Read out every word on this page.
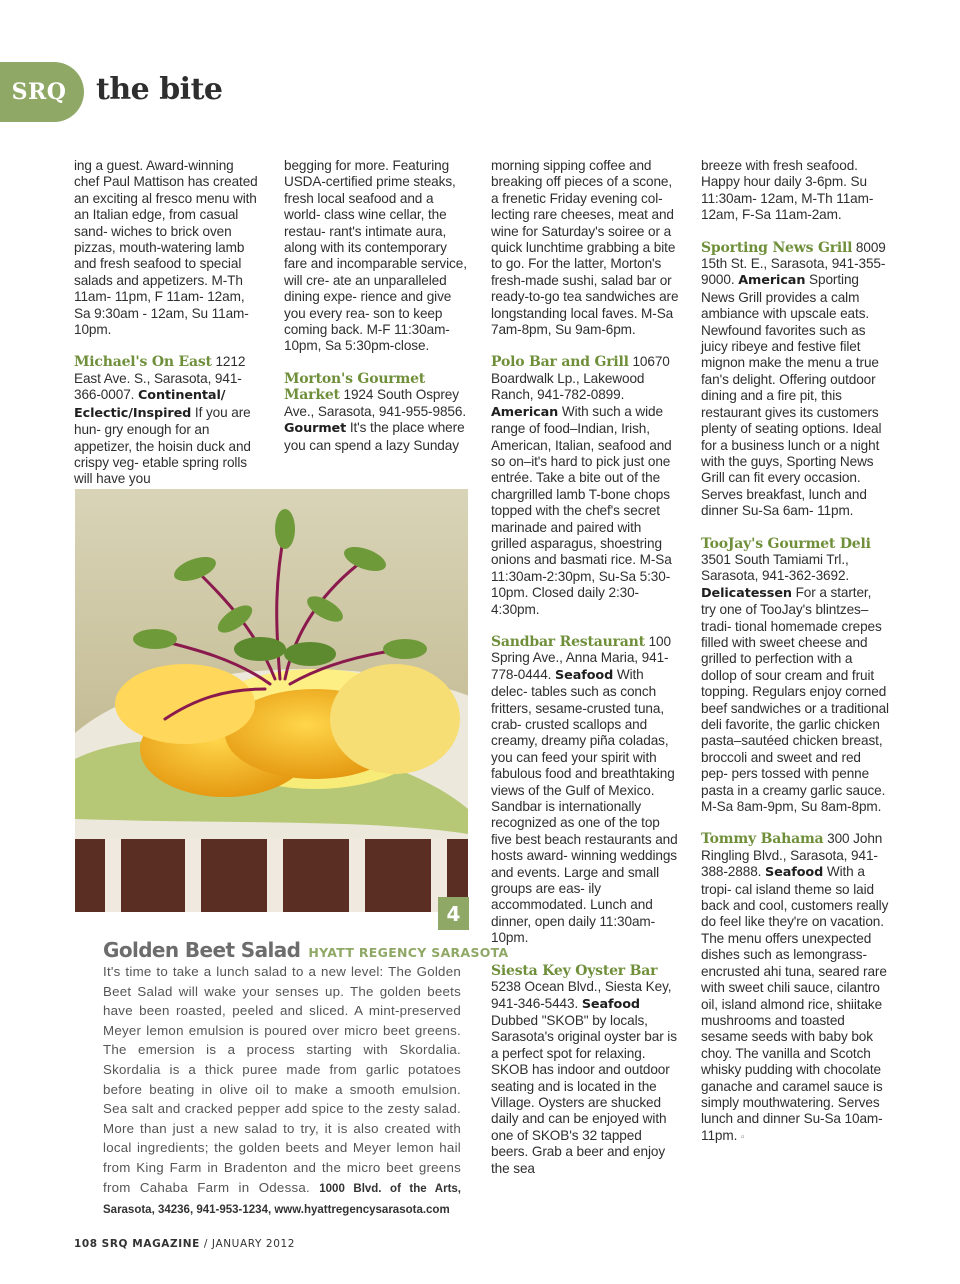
SRQ the bite

ing a guest. Award-winning chef Paul Mattison has created an exciting al fresco menu with an Italian edge, from casual sand- wiches to brick oven pizzas, mouth-watering lamb and fresh seafood to special salads and appetizers. M-Th 11am- 11pm, F 11am- 12am, Sa 9:30am - 12am, Su 11am- 10pm.

Michael's On East 1212 East Ave. S., Sarasota, 941- 366-0007. Continental/ Eclectic/Inspired If you are hun- gry enough for an appetizer, the hoisin duck and crispy veg- etable spring rolls will have you

begging for more. Featuring USDA-certified prime steaks, fresh local seafood and a world- class wine cellar, the restau- rant's intimate aura, along with its contemporary fare and incomparable service, will cre- ate an unparalleled dining expe- rience and give you every rea- son to keep coming back. M-F 11:30am- 10pm, Sa 5:30pm-close.

Morton's Gourmet Market 1924 South Osprey Ave., Sarasota, 941-955-9856. Gourmet It's the place where you can spend a lazy Sunday

morning sipping coffee and breaking off pieces of a scone, a frenetic Friday evening col- lecting rare cheeses, meat and wine for Saturday's soiree or a quick lunchtime grabbing a bite to go. For the latter, Morton's fresh-made sushi, salad bar or ready-to-go tea sandwiches are longstanding local faves. M-Sa 7am-8pm, Su 9am-6pm.

Polo Bar and Grill 10670 Boardwalk Lp., Lakewood Ranch, 941-782-0899. American With such a wide range of food–Indian, Irish, American, Italian, seafood and so on–it's hard to pick just one entrée. Take a bite out of the chargrilled lamb T-bone chops topped with the chef's secret marinade and paired with grilled asparagus, shoestring onions and basmati rice. M-Sa 11:30am-2:30pm, Su-Sa 5:30- 10pm. Closed daily 2:30- 4:30pm.

Sandbar Restaurant 100 Spring Ave., Anna Maria, 941- 778-0444. Seafood With delec- tables such as conch fritters, sesame-crusted tuna, crab- crusted scallops and creamy, dreamy piña coladas, you can feed your spirit with fabulous food and breathtaking views of the Gulf of Mexico. Sandbar is internationally recognized as one of the top five best beach restaurants and hosts award- winning weddings and events. Large and small groups are eas- ily accommodated. Lunch and dinner, open daily 11:30am- 10pm.

Siesta Key Oyster Bar
5238 Ocean Blvd., Siesta Key, 941-346-5443. Seafood Dubbed "SKOB" by locals, Sarasota's original oyster bar is a perfect spot for relaxing. SKOB has indoor and outdoor seating and is located in the Village. Oysters are shucked daily and can be enjoyed with one of SKOB's 32 tapped beers. Grab a beer and enjoy the sea

breeze with fresh seafood. Happy hour daily 3-6pm. Su 11:30am- 12am, M-Th 11am- 12am, F-Sa 11am-2am.

Sporting News Grill 8009 15th St. E., Sarasota, 941-355- 9000. American Sporting News Grill provides a calm ambiance with upscale eats. Newfound favorites such as juicy ribeye and festive filet mignon make the menu a true fan's delight. Offering outdoor dining and a fire pit, this restaurant gives its customers plenty of seating options. Ideal for a business lunch or a night with the guys, Sporting News Grill can fit every occasion. Serves breakfast, lunch and dinner Su-Sa 6am- 11pm.

TooJay's Gourmet Deli
3501 South Tamiami Trl., Sarasota, 941-362-3692. Delicatessen For a starter, try one of TooJay's blintzes–tradi- tional homemade crepes filled with sweet cheese and grilled to perfection with a dollop of sour cream and fruit topping. Regulars enjoy corned beef sandwiches or a traditional deli favorite, the garlic chicken pasta–sautéed chicken breast, broccoli and sweet and red pep- pers tossed with penne pasta in a creamy garlic sauce. M-Sa 8am-9pm, Su 8am-8pm.

Tommy Bahama 300 John Ringling Blvd., Sarasota, 941- 388-2888. Seafood With a tropi- cal island theme so laid back and cool, customers really do feel like they're on vacation. The menu offers unexpected dishes such as lemongrass-encrusted ahi tuna, seared rare with sweet chili sauce, cilantro oil, island almond rice, shiitake mushrooms and toasted sesame seeds with baby bok choy. The vanilla and Scotch whisky pudding with chocolate ganache and caramel sauce is simply mouthwatering. Serves lunch and dinner Su-Sa 10am-11pm. ▫

4
Golden Beet Salad HYATT REGENCY SARASOTA
It's time to take a lunch salad to a new level: The Golden Beet Salad will wake your senses up. The golden beets have been roasted, peeled and sliced. A mint-preserved Meyer lemon emulsion is poured over micro beet greens. The emersion is a process starting with Skordalia. Skordalia is a thick puree made from garlic potatoes before beating in olive oil to make a smooth emulsion. Sea salt and cracked pepper add spice to the zesty salad. More than just a new salad to try, it is also created with local ingredients; the golden beets and Meyer lemon hail from King Farm in Bradenton and the micro beet greens from Cahaba Farm in Odessa. 1000 Blvd. of the Arts, Sarasota, 34236, 941-953-1234, www.hyattregencysarasota.com
108 SRQ MAGAZINE / JANUARY 2012
